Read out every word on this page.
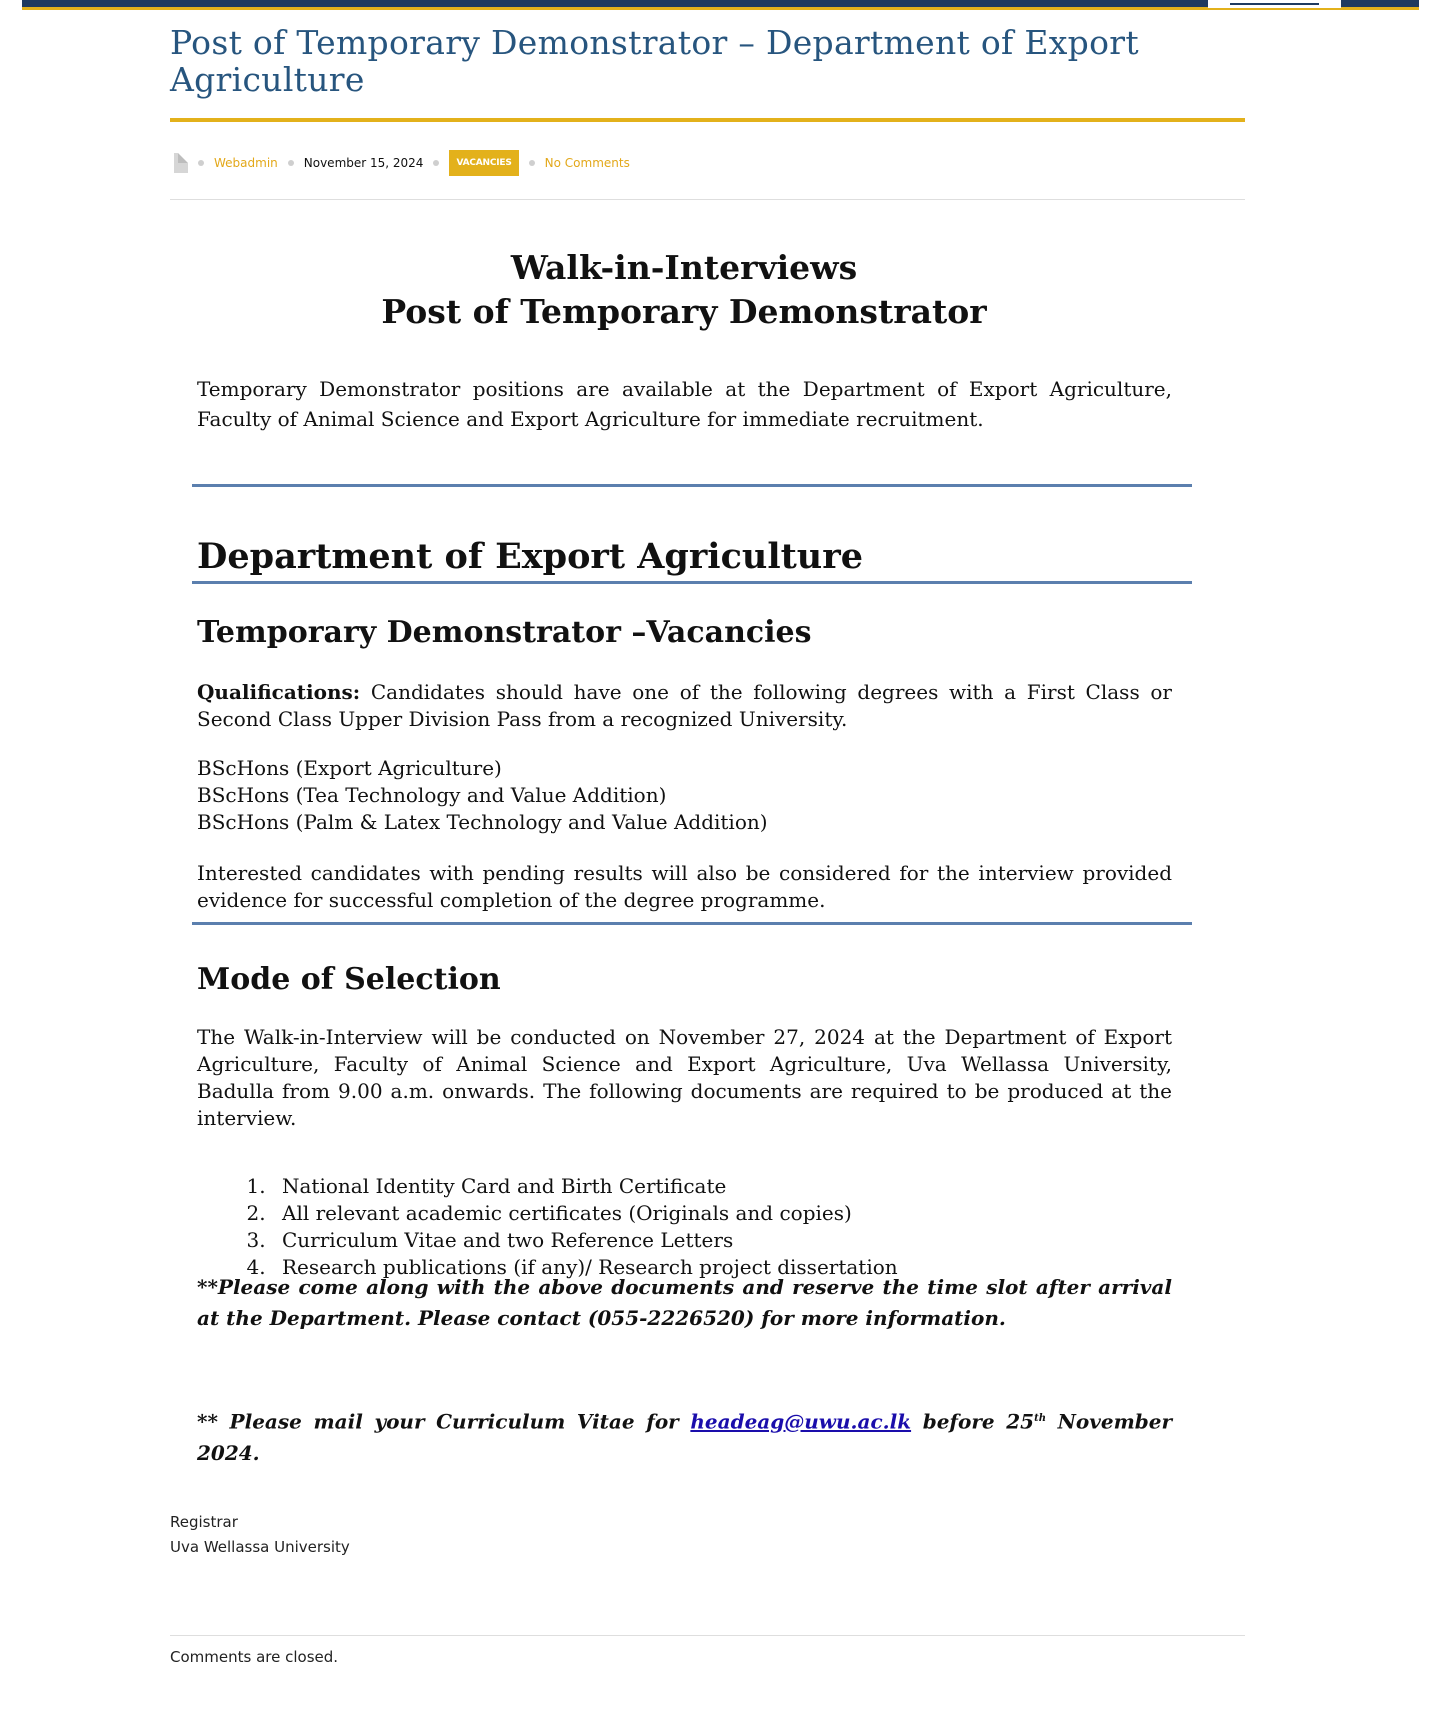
Post of Temporary Demonstrator – Department of Export Agriculture
Webadmin November 15, 2024	VACANCIES	No Comments
Walk-in-Interviews
Post of Temporary Demonstrator
Temporary Demonstrator positions are available at the Department of Export Agriculture, Faculty of Animal Science and Export Agriculture for immediate recruitment.
Department of Export Agriculture
Temporary Demonstrator –Vacancies
Qualifications: Candidates should have one of the following degrees with a First Class or Second Class Upper Division Pass from a recognized University.
BScHons (Export Agriculture)
BScHons (Tea Technology and Value Addition)
BScHons (Palm & Latex Technology and Value Addition)
Interested candidates with pending results will also be considered for the interview provided evidence for successful completion of the degree programme.
Mode of Selection
The Walk-in-Interview will be conducted on November 27, 2024 at the Department of Export Agriculture, Faculty of Animal Science and Export Agriculture, Uva Wellassa University, Badulla from 9.00 a.m. onwards. The following documents are required to be produced at the interview.
1. National Identity Card and Birth Certificate
2. All relevant academic certificates (Originals and copies)
3. Curriculum Vitae and two Reference Letters
4. Research publications (if any)/ Research project dissertation
**Please come along with the above documents and reserve the time slot after arrival at the Department. Please contact (055-2226520) for more information.
** Please mail your Curriculum Vitae for headeag@uwu.ac.lk before 25th November 2024.
Registrar
Uva Wellassa University
Comments are closed.
